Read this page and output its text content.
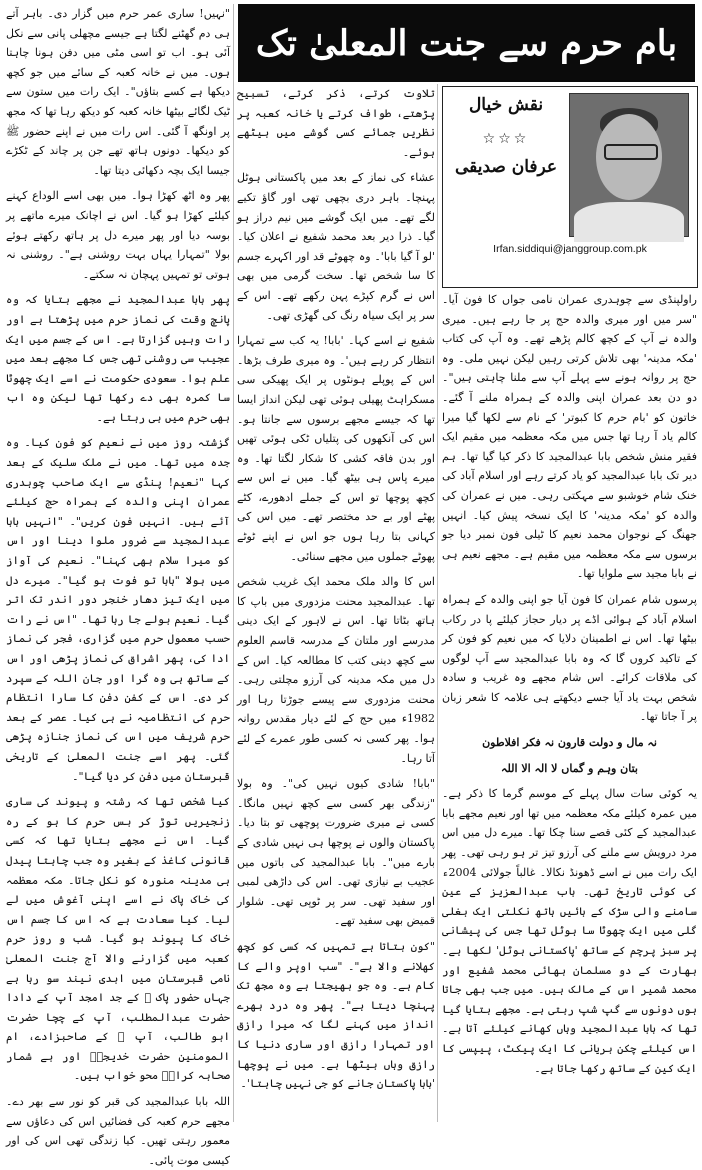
بام حرم سے جنت المعلیٰ تک
نقش خیال
☆☆☆
عرفان صدیقی
Irfan.siddiqui@janggroup.com.pk

راولپنڈی سے چوہدری عمران نامی جواں کا فون آیا۔ "سر میں اور میری والدہ حج پر جا رہے ہیں۔ میری والدہ نے آپ کے کچھ کالم پڑھے تھے۔ وہ آپ کی کتاب 'مکہ مدینہ' بھی تلاش کرتی رہیں لیکن نہیں ملی۔ وہ حج پر روانہ ہونے سے پہلے آپ سے ملنا چاہتی ہیں"۔ دو دن بعد عمران اپنی والدہ کے ہمراہ ملنے آ گئے۔ خاتون کو 'بام حرم کا کبوتر' کے نام سے لکھا گیا میرا کالم یاد آ رہا تھا جس میں مکہ معظمہ میں مقیم ایک فقیر منش شخص بابا عبدالمجید کا ذکر کیا گیا تھا۔ ہم دیر تک بابا عبدالمجید کو یاد کرتے رہے اور اسلام آباد کی خنک شام خوشبو سے مہکتی رہی۔ میں نے عمران کی والدہ کو 'مکہ مدینہ' کا ایک نسخہ پیش کیا۔ انہیں جھنگ کے نوجوان محمد نعیم کا ٹیلی فون نمبر دیا جو برسوں سے مکہ معظمہ میں مقیم ہے۔ مجھے نعیم ہی نے بابا مجید سے ملوایا تھا۔

پرسوں شام عمران کا فون آیا جو اپنی والدہ کے ہمراہ اسلام آباد کے ہوائی اڈے پر دیار حجاز کیلئے پا در رکاب بیٹھا تھا۔ اس نے اطمینان دلایا کہ میں نعیم کو فون کر کے تاکید کروں گا کہ وہ بابا عبدالمجید سے آپ لوگوں کی ملاقات کرائے۔ اس شام مجھے وہ غریب و سادہ شخص بہت یاد آیا جسے دیکھتے ہی علامہ کا شعر زبان پر آ جاتا تھا۔

نہ مال و دولت قارون نہ فکر افلاطون
بتان وہم و گماں لا الہ الا اللہ

یہ کوئی سات سال پہلے کے موسم گرما کا ذکر ہے۔ میں عمرہ کیلئے مکہ معظمہ میں تھا اور نعیم مجھے بابا عبدالمجید کے کئی قصے سنا چکا تھا۔ میرے دل میں اس مرد درویش سے ملنے کی آرزو تیز تر ہو رہی تھی۔ پھر ایک رات میں نے اسے ڈھونڈ نکالا۔ غالباً جولائی 2004ء کی کوئی تاریخ تھی۔ باب عبدالعزیز کے عین سامنے والی سڑک کے بائیں ہاتھ نکلتی ایک بغلی گلی میں ایک چھوٹا سا ہوٹل تھا جس کی پیشانی پر سبز پرچم کے ساتھ 'پاکستانی ہوٹل' لکھا ہے۔ بھارت کے دو مسلمان بھائی محمد شفیع اور محمد شمیر اس کے مالک ہیں۔ میں جب بھی جاتا ہوں دونوں سے گپ شپ رہتی ہے۔ مجھے بتایا گیا تھا کہ بابا عبدالمجید وہاں کھانے کیلئے آتا ہے۔ اس کیلئے چکن بریانی کا ایک پیکٹ، پیپسی کا ایک کین کے ساتھ رکھا جاتا ہے۔

تلاوت کرتے، ذکر کرتے، تسبیح پڑھتے، طواف کرتے یا خانہ کعبہ پر نظریں جمائے کسی گوشے میں بیٹھے ہوئے۔

عشاء کی نماز کے بعد میں پاکستانی ہوٹل پہنچا۔ باہر دری بچھی تھی اور گاؤ تکیے لگے تھے۔ میں ایک گوشے میں نیم دراز ہو گیا۔ ذرا دیر بعد محمد شفیع نے اعلان کیا۔ 'لو آ گیا بابا'۔ وہ چھوٹے قد اور اکہرے جسم کا سا شخص تھا۔ سخت گرمی میں بھی اس نے گرم کپڑے پہن رکھے تھے۔ اس کے سر پر ایک سیاہ رنگ کی گھڑی تھی۔

شفیع نے اسے کہا۔ 'بابا! یہ کب سے تمہارا انتظار کر رہے ہیں'۔ وہ میری طرف بڑھا۔ اس کے پوپلے ہونٹوں پر ایک پھیکی سی مسکراہٹ پھیلی ہوئی تھی لیکن انداز ایسا تھا کہ جیسے مجھے برسوں سے جانتا ہو۔ اس کی آنکھوں کی پتلیاں ٹکی ہوئی تھیں اور بدن فاقہ کشی کا شکار لگتا تھا۔ وہ میرے پاس ہی بیٹھ گیا۔ میں نے اس سے کچھ پوچھا تو اس کے جملے ادھورے، کٹے پھٹے اور بے حد مختصر تھے۔ میں اس کی کہانی بتا رہا ہوں جو اس نے اپنے ٹوٹے پھوٹے جملوں میں مجھے سنائی۔

اس کا والد ملک محمد ایک غریب شخص تھا۔ عبدالمجید محنت مزدوری میں باپ کا ہاتھ بٹاتا تھا۔ اس نے لاہور کے ایک دینی مدرسے اور ملتان کے مدرسہ قاسم العلوم سے کچھ دینی کتب کا مطالعہ کیا۔ اس کے دل میں مکہ مدینہ کی آرزو مچلتی رہی۔ محنت مزدوری سے پیسے جوڑتا رہا اور 1982ء میں حج کے لئے دیار مقدس روانہ ہوا۔ پھر کسی نہ کسی طور عمرے کے لئے آتا رہا۔

"بابا! شادی کیوں نہیں کی"۔ وہ بولا "زندگی بھر کسی سے کچھ نہیں مانگا۔ کسی نے میری ضرورت پوچھی تو بتا دیا۔ پاکستان والوں نے پوچھا ہی نہیں شادی کے بارے میں"۔ بابا عبدالمجید کی باتوں میں عجیب بے نیازی تھی۔ اس کی داڑھی لمبی اور سفید تھی۔ سر پر ٹوپی تھی۔ شلوار قمیض بھی سفید تھے۔

"کون بتاتا ہے تمہیں کہ کسی کو کچھ کھلانے والا ہے"۔ "سب اوپر والے کا کام ہے۔ وہ جو بھیجتا ہے وہ مجھ تک پہنچا دیتا ہے"۔ پھر وہ درد بھرے انداز میں کہنے لگا کہ میرا رازق اور تمہارا رازق اور ساری دنیا کا رازق وہاں بیٹھا ہے۔ میں نے پوچھا 'بابا پاکستان جانے کو جی نہیں چاہتا'۔

"نہیں! ساری عمر حرم میں گزار دی۔ باہر آتے ہی دم گھٹنے لگتا ہے جیسے مچھلی پانی سے نکل آئی ہو۔ اب تو اسی مٹی میں دفن ہونا چاہتا ہوں۔ میں نے خانہ کعبہ کے سائے میں جو کچھ دیکھا ہے کسے بتاؤں"۔ ایک رات میں ستون سے ٹیک لگائے بیٹھا خانہ کعبہ کو دیکھ رہا تھا کہ مجھ پر اونگھ آ گئی۔ اس رات میں نے اپنے حضور ﷺ کو دیکھا۔ دونوں ہاتھ تھے جن پر چاند کے ٹکڑے جیسا ایک بچہ دکھائی دیتا تھا۔

پھر وہ اٹھ کھڑا ہوا۔ میں بھی اسے الوداع کہنے کیلئے کھڑا ہو گیا۔ اس نے اچانک میرے ماتھے پر بوسہ دیا اور پھر میرے دل پر ہاتھ رکھتے ہوئے بولا "تمہارا یہاں بہت روشنی ہے"۔ روشنی نہ ہوتی تو تمہیں پہچان نہ سکتے۔

پھر بابا عبدالمجید نے مجھے بتایا کہ وہ پانچ وقت کی نماز حرم میں پڑھتا ہے اور رات وہیں گزارتا ہے۔ اس کے جسم میں ایک عجیب سی روشنی تھی جس کا مجھے بعد میں علم ہوا۔ سعودی حکومت نے اسے ایک چھوٹا سا کمرہ بھی دے رکھا تھا لیکن وہ اب بھی حرم میں ہی رہتا ہے۔

گزشتہ روز میں نے نعیم کو فون کیا۔ وہ جدہ میں تھا۔ میں نے ملک سلیک کے بعد کہا "نعیم! پنڈی سے ایک صاحب چوہدری عمران اپنی والدہ کے ہمراہ حج کیلئے آئے ہیں۔ انہیں فون کریں"۔ "انہیں بابا عبدالمجید سے ضرور ملوا دینا اور اس کو میرا سلام بھی کہنا"۔ نعیم کی آواز میں بولا "بابا تو فوت ہو گیا"۔ میرے دل میں ایک تیز دھار خنجر دور اندر تک اتر گیا۔ نعیم بولے جا رہا تھا۔ "اس نے رات حسب معمول حرم میں گزاری، فجر کی نماز ادا کی، پھر اشراق کی نماز پڑھی اور اس کے ساتھ ہی وہ گرا اور جان اللہ کے سپرد کر دی۔ اس کے کفن دفن کا سارا انتظام حرم کی انتظامیہ نے ہی کیا۔ عصر کے بعد حرم شریف میں اس کی نماز جنازہ پڑھی گئی۔ پھر اسے جنت المعلیٰ کے تاریخی قبرستان میں دفن کر دیا گیا"۔

کیا شخص تھا کہ رشتہ و پیوند کی ساری زنجیریں توڑ کر بس حرم کا ہو کے رہ گیا۔ اس نے مجھے بتایا تھا کہ کسی قانونی کاغذ کے بغیر وہ جب چاہتا پیدل ہی مدینہ منورہ کو نکل جاتا۔ مکہ معظمہ کی خاک پاک نے اسے اپنی آغوش میں لے لیا۔ کیا سعادت ہے کہ اس کا جسم اس خاک کا پیوند ہو گیا۔ شب و روز حرم کعبہ میں گزارنے والا آج جنت المعلیٰ نامی قبرستان میں ابدی نیند سو رہا ہے جہاں حضور پاک ﷺ کے جد امجد آپ کے دادا حضرت عبدالمطلب، آپ کے چچا حضرت ابو طالب، آپ ﷺ کے صاحبزادے، ام المومنین حضرت خدیجہؓ اور بے شمار صحابہ کرامؓ محو خواب ہیں۔

اللہ بابا عبدالمجید کی قبر کو نور سے بھر دے۔ مجھے حرم کعبہ کی فضائیں اس کی دعاؤں سے معمور رہتی تھیں۔ کیا زندگی تھی اس کی اور کیسی موت پائی۔
